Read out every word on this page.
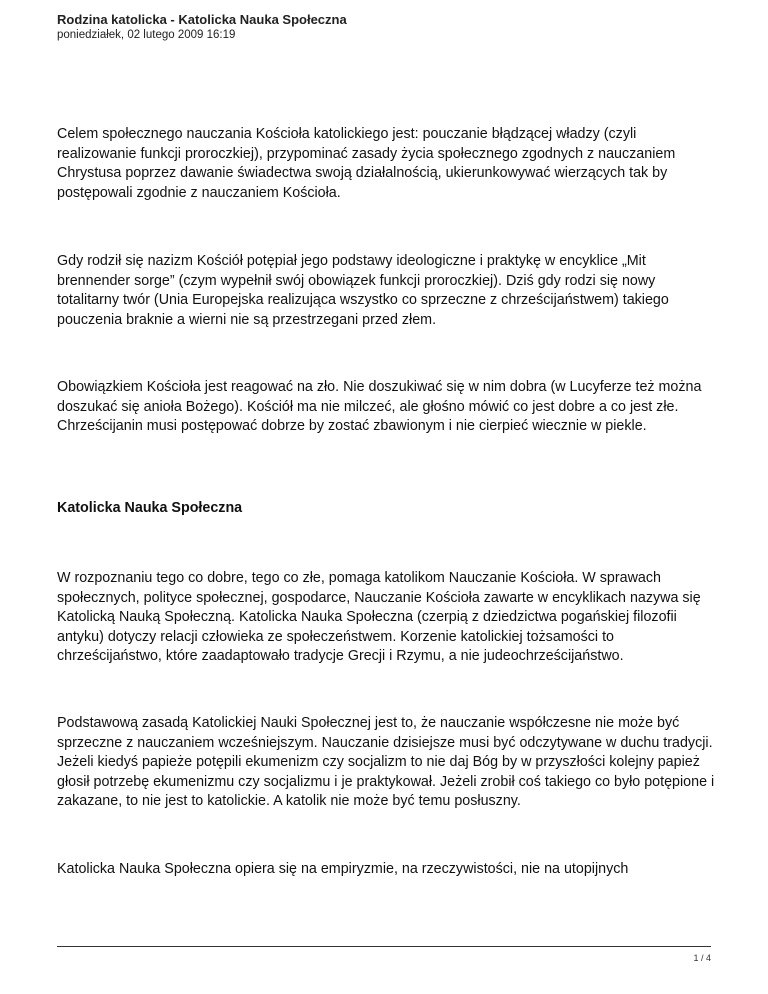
Rodzina katolicka - Katolicka Nauka Społeczna
poniedziałek, 02 lutego 2009 16:19

Celem społecznego nauczania Kościoła katolickiego jest: pouczanie błądzącej władzy (czyli realizowanie funkcji proroczkiej), przypominać zasady życia społecznego zgodnych z nauczaniem Chrystusa poprzez dawanie świadectwa swoją działalnością, ukierunkowywać wierzących tak by postępowali zgodnie z nauczaniem Kościoła.

Gdy rodził się nazizm Kościół potępiał jego podstawy ideologiczne i praktykę w encyklice „Mit brennender sorge” (czym wypełnił swój obowiązek funkcji proroczkiej). Dziś gdy rodzi się nowy totalitarny twór (Unia Europejska realizująca wszystko co sprzeczne z chrześcijaństwem) takiego pouczenia braknie a wierni nie są przestrzegani przed złem.

Obowiązkiem Kościoła jest reagować na zło. Nie doszukiwać się w nim dobra (w Lucyferze też można doszukać się anioła Bożego). Kościół ma nie milczeć, ale głośno mówić co jest dobre a co jest złe. Chrześcijanin musi postępować dobrze by zostać zbawionym i nie cierpieć wiecznie w piekle.

Katolicka Nauka Społeczna

W rozpoznaniu tego co dobre, tego co złe, pomaga katolikom Nauczanie Kościoła. W sprawach społecznych, polityce społecznej, gospodarce, Nauczanie Kościoła zawarte w encyklikach nazywa się Katolicką Nauką Społeczną. Katolicka Nauka Społeczna (czerpią z dziedzictwa pogańskiej filozofii antyku) dotyczy relacji człowieka ze społeczeństwem. Korzenie katolickiej tożsamości to chrześcijaństwo, które zaadaptowało tradycje Grecji i Rzymu, a nie judeochrześcijaństwo.

Podstawową zasadą Katolickiej Nauki Społecznej jest to, że nauczanie współczesne nie może być sprzeczne z nauczaniem wcześniejszym. Nauczanie dzisiejsze musi być odczytywane w duchu tradycji. Jeżeli kiedyś papieże potępili ekumenizm czy socjalizm to nie daj Bóg by w przyszłości kolejny papież głosił potrzebę ekumenizmu czy socjalizmu i je praktykował. Jeżeli zrobił coś takiego co było potępione i zakazane, to nie jest to katolickie. A katolik nie może być temu posłuszny.

Katolicka Nauka Społeczna opiera się na empiryzmie, na rzeczywistości, nie na utopijnych

1 / 4
